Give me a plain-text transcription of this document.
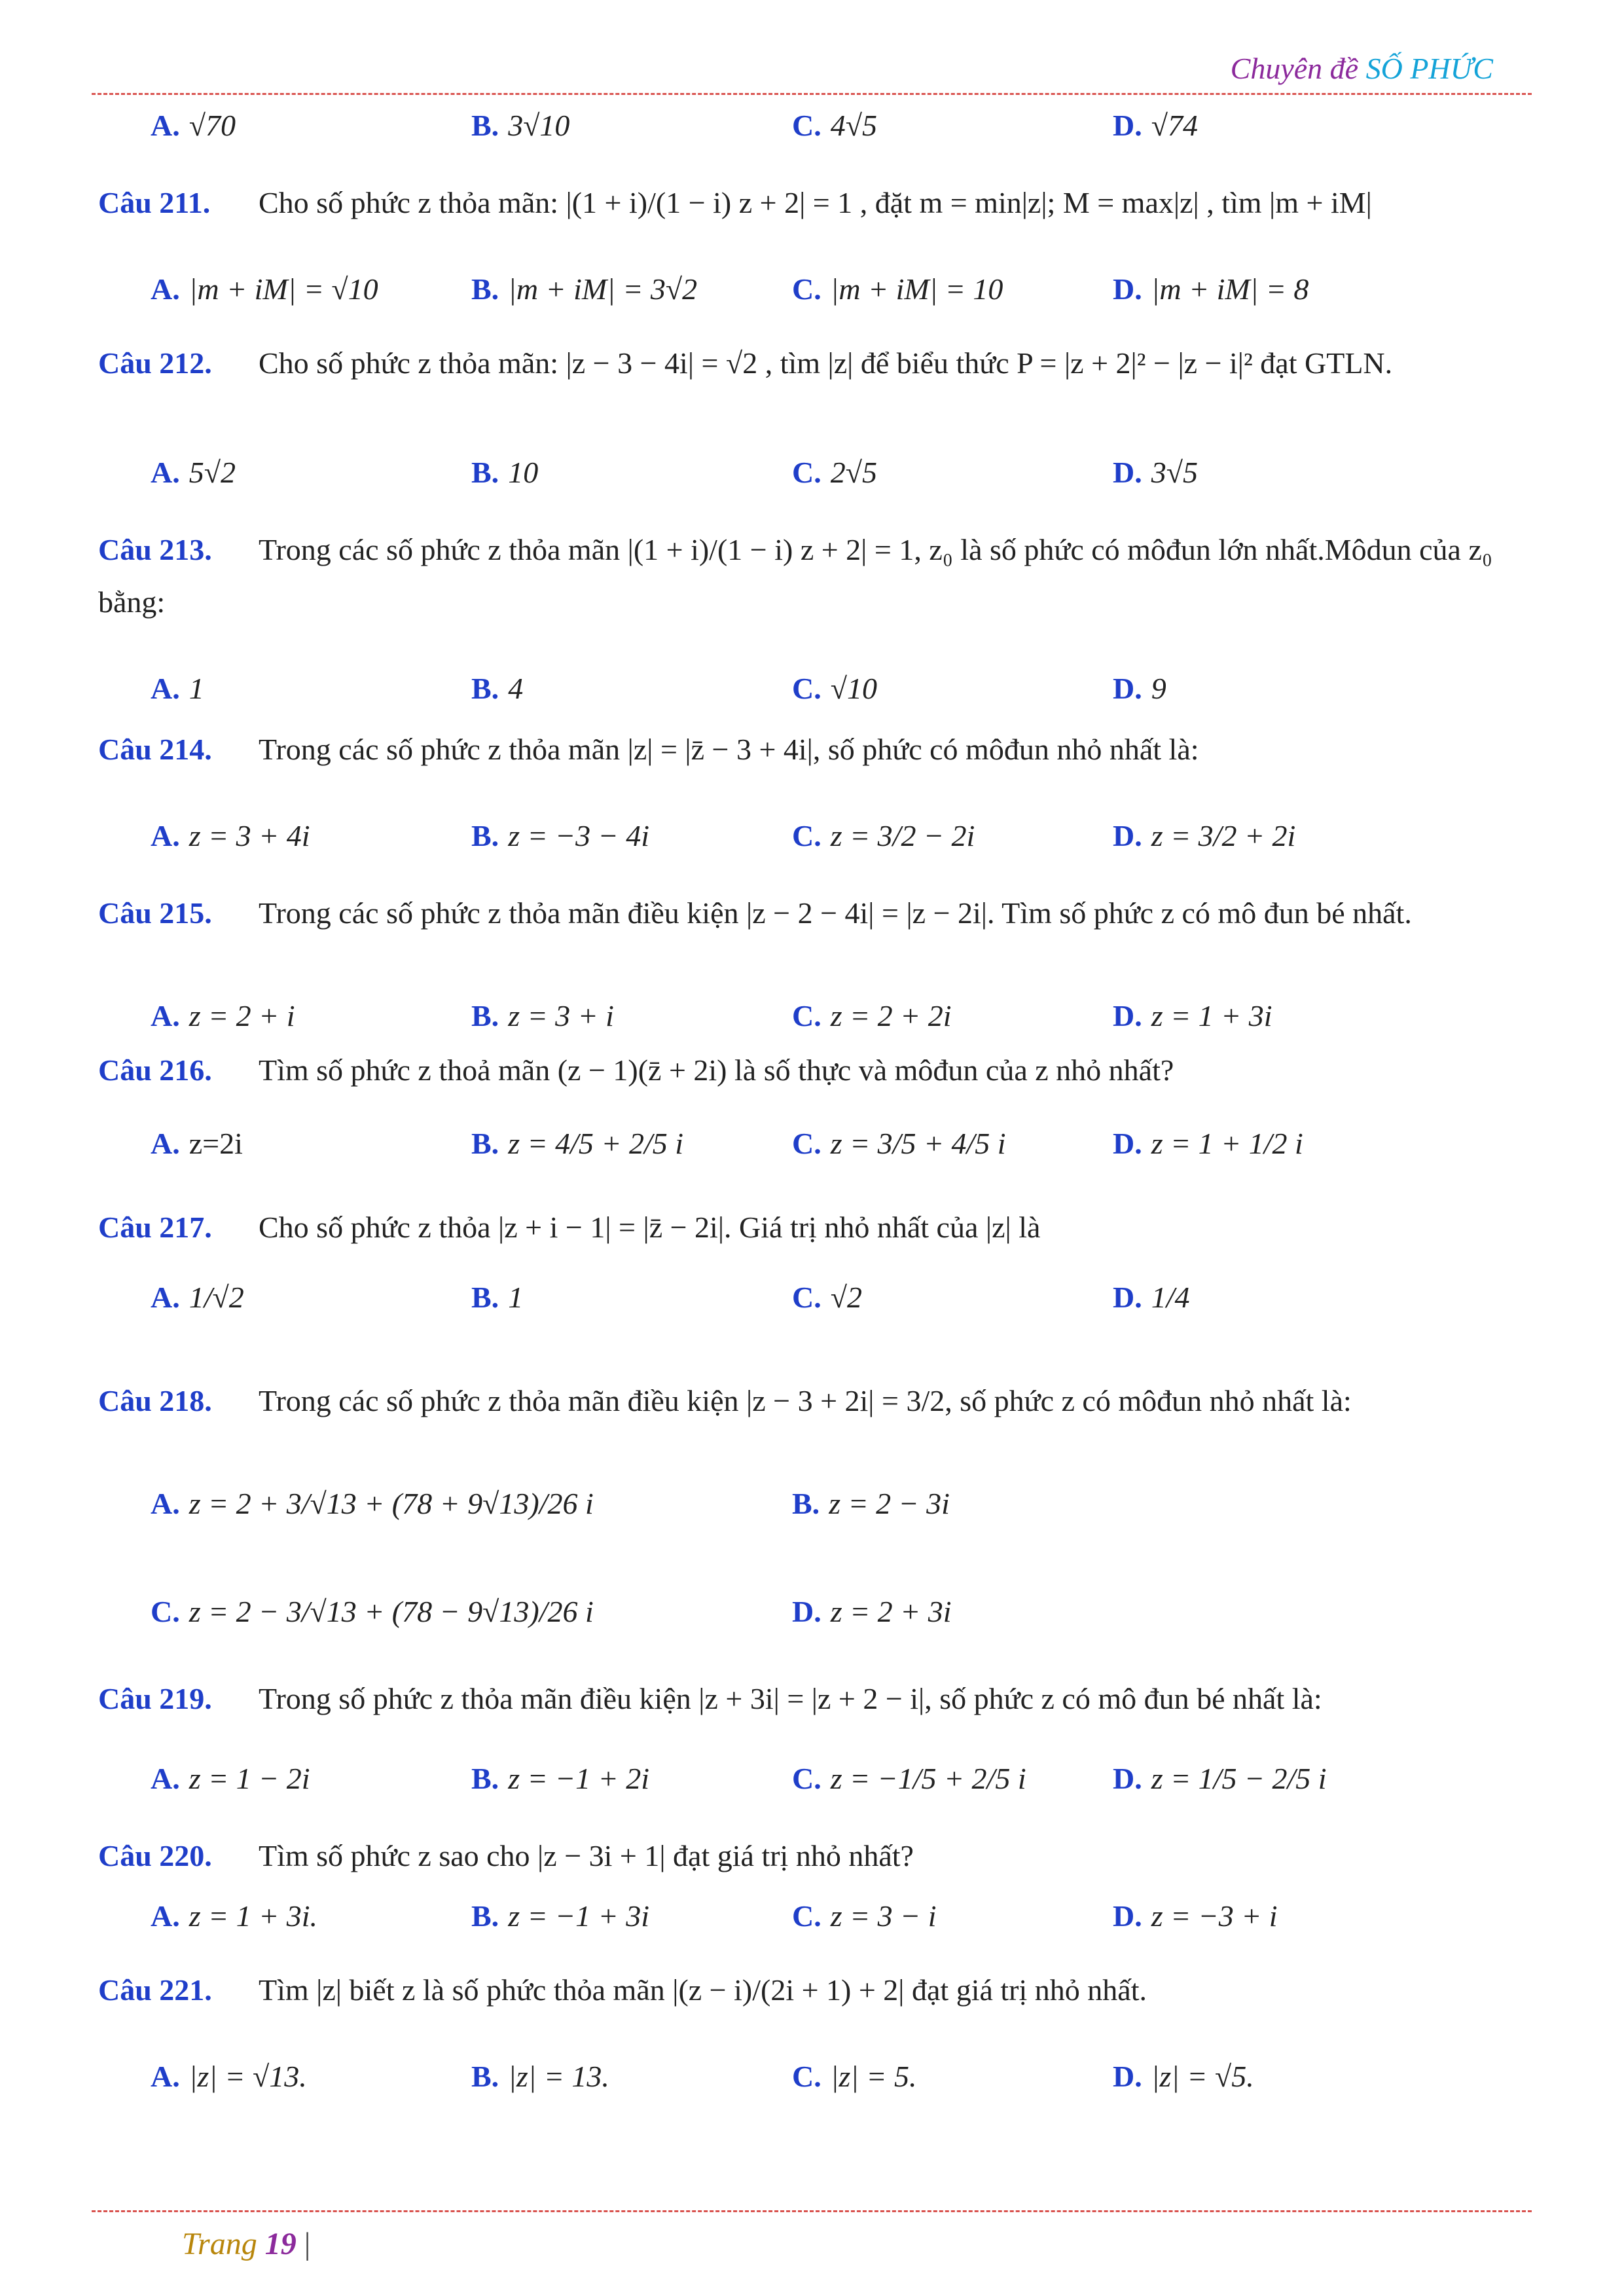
Chuyên đề SỐ PHỨC
A. √70	B. 3√10	C. 4√5	D. √74
Câu 211. Cho số phức z thỏa mãn: |(1 + i)/(1 − i) z + 2| = 1 , đặt m = min|z|; M = max|z| , tìm |m + iM|
A. |m + iM| = √10	B. |m + iM| = 3√2	C. |m + iM| = 10	D. |m + iM| = 8
Câu 212. Cho số phức z thỏa mãn: |z − 3 − 4i| = √2 , tìm |z| để biểu thức P = |z + 2|² − |z − i|² đạt GTLN.
A. 5√2	B. 10	C. 2√5	D. 3√5
Câu 213. Trong các số phức z thỏa mãn |(1 + i)/(1 − i) z + 2| = 1, z₀ là số phức có môđun lớn nhất.Môdun của z₀ bằng:
A. 1	B. 4	C. √10	D. 9
Câu 214. Trong các số phức z thỏa mãn |z| = |z̄ − 3 + 4i|, số phức có môđun nhỏ nhất là:
A. z = 3 + 4i	B. z = −3 − 4i	C. z = 3/2 − 2i	D. z = 3/2 + 2i
Câu 215. Trong các số phức z thỏa mãn điều kiện |z − 2 − 4i| = |z − 2i|. Tìm số phức z có mô đun bé nhất.
A. z = 2 + i	B. z = 3 + i	C. z = 2 + 2i	D. z = 1 + 3i
Câu 216. Tìm số phức z thoả mãn (z − 1)(z̄ + 2i) là số thực và môđun của z nhỏ nhất?
A. z=2i	B. z = 4/5 + 2/5 i	C. z = 3/5 + 4/5 i	D. z = 1 + 1/2 i
Câu 217. Cho số phức z thỏa |z + i − 1| = |z̄ − 2i|. Giá trị nhỏ nhất của |z| là
A. 1/√2	B. 1	C. √2	D. 1/4
Câu 218. Trong các số phức z thỏa mãn điều kiện |z − 3 + 2i| = 3/2, số phức z có môđun nhỏ nhất là:
A. z = 2 + 3/√13 + (78 + 9√13)/26 i	B. z = 2 − 3i
C. z = 2 − 3/√13 + (78 − 9√13)/26 i	D. z = 2 + 3i
Câu 219. Trong số phức z thỏa mãn điều kiện |z + 3i| = |z + 2 − i|, số phức z có mô đun bé nhất là:
A. z = 1 − 2i	B. z = −1 + 2i	C. z = −1/5 + 2/5 i	D. z = 1/5 − 2/5 i
Câu 220. Tìm số phức z sao cho |z − 3i + 1| đạt giá trị nhỏ nhất?
A. z = 1 + 3i.	B. z = −1 + 3i	C. z = 3 − i	D. z = −3 + i
Câu 221. Tìm |z| biết z là số phức thỏa mãn |(z − i)/(2i + 1) + 2| đạt giá trị nhỏ nhất.
A. |z| = √13.	B. |z| = 13.	C. |z| = 5.	D. |z| = √5.
Trang 19 |
